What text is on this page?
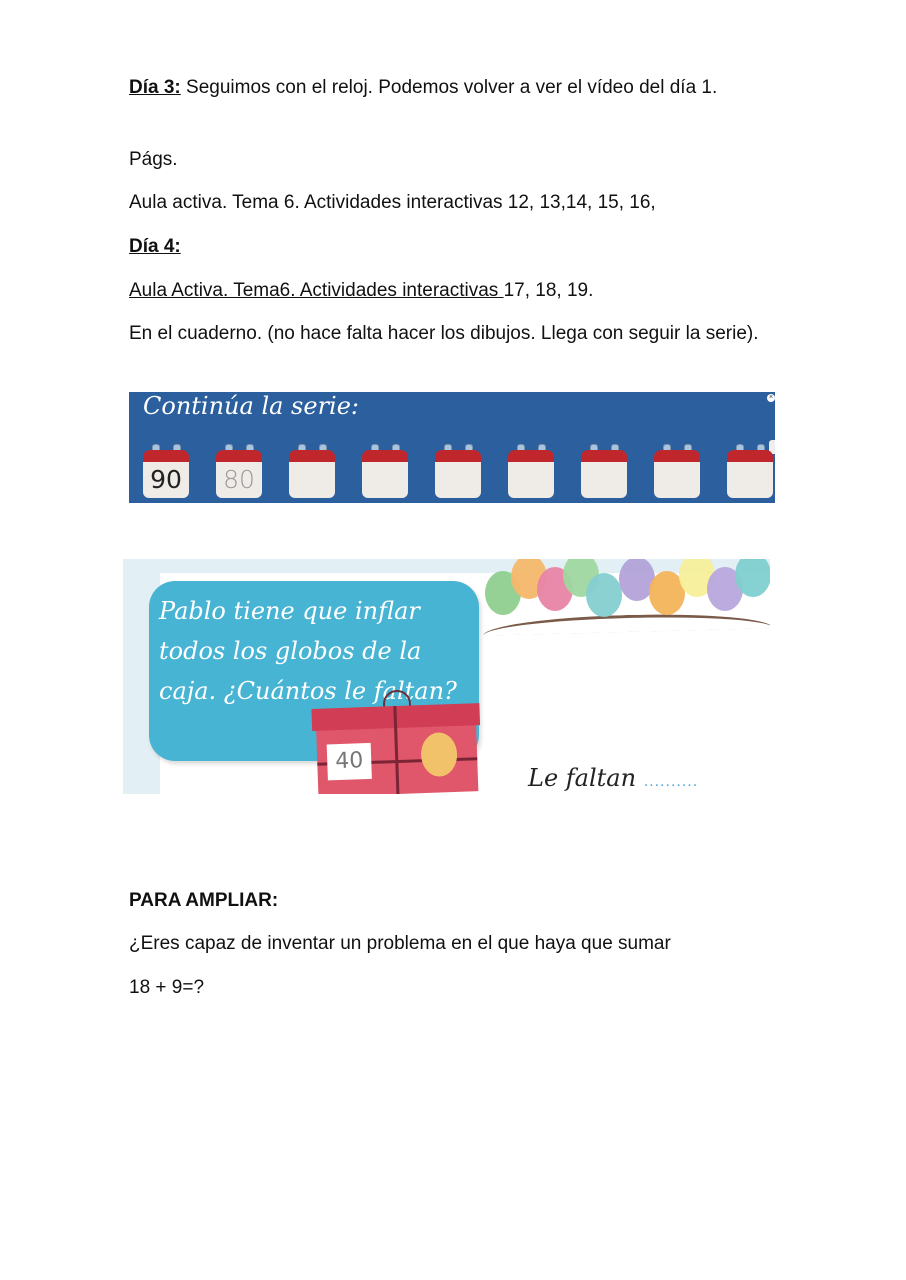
Día 3: Seguimos con el reloj. Podemos volver a ver el vídeo del día 1.

Págs.

Aula activa. Tema 6. Actividades interactivas 12, 13,14, 15, 16,

Día 4:

Aula Activa. Tema6. Actividades interactivas 17, 18, 19.

En el cuaderno. (no hace falta hacer los dibujos. Llega con seguir la serie).

Continúa la serie:	×
90 80
Pablo tiene que inflar todos los globos de la caja. ¿Cuántos le faltan?
40
Le faltan ..........

PARA AMPLIAR:

¿Eres capaz de inventar un problema en el que haya que sumar

18 + 9=?
